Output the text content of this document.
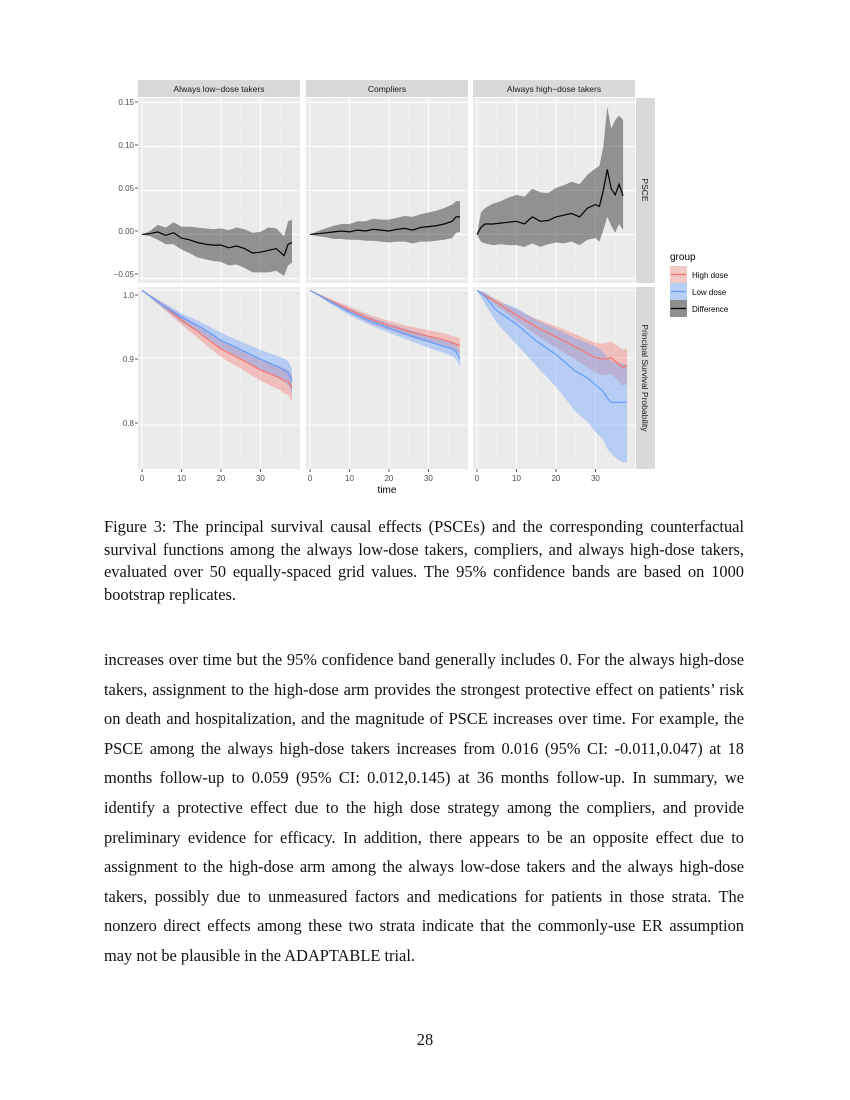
Always low−dose takers	Compliers	Always high−dose takers
PSCE
Principal Survival Probability
0.15
0.10
0.05
0.00
−0.05
1.0
0.9
0.8
0	10	20	30	0	10	20	30	0	10	20	30
time
group
High dose
Low dose
Difference
Figure 3: The principal survival causal effects (PSCEs) and the corresponding counterfactual survival functions among the always low-dose takers, compliers, and always high-dose takers, evaluated over 50 equally-spaced grid values. The 95% confidence bands are based on 1000 bootstrap replicates.

increases over time but the 95% confidence band generally includes 0. For the always high-dose takers, assignment to the high-dose arm provides the strongest protective effect on patients’ risk on death and hospitalization, and the magnitude of PSCE increases over time. For example, the PSCE among the always high-dose takers increases from 0.016 (95% CI: -0.011,0.047) at 18 months follow-up to 0.059 (95% CI: 0.012,0.145) at 36 months follow-up. In summary, we identify a protective effect due to the high dose strategy among the compliers, and provide preliminary evidence for efficacy. In addition, there appears to be an opposite effect due to assignment to the high-dose arm among the always low-dose takers and the always high-dose takers, possibly due to unmeasured factors and medications for patients in those strata. The nonzero direct effects among these two strata indicate that the commonly-use ER assumption may not be plausible in the ADAPTABLE trial.

28
